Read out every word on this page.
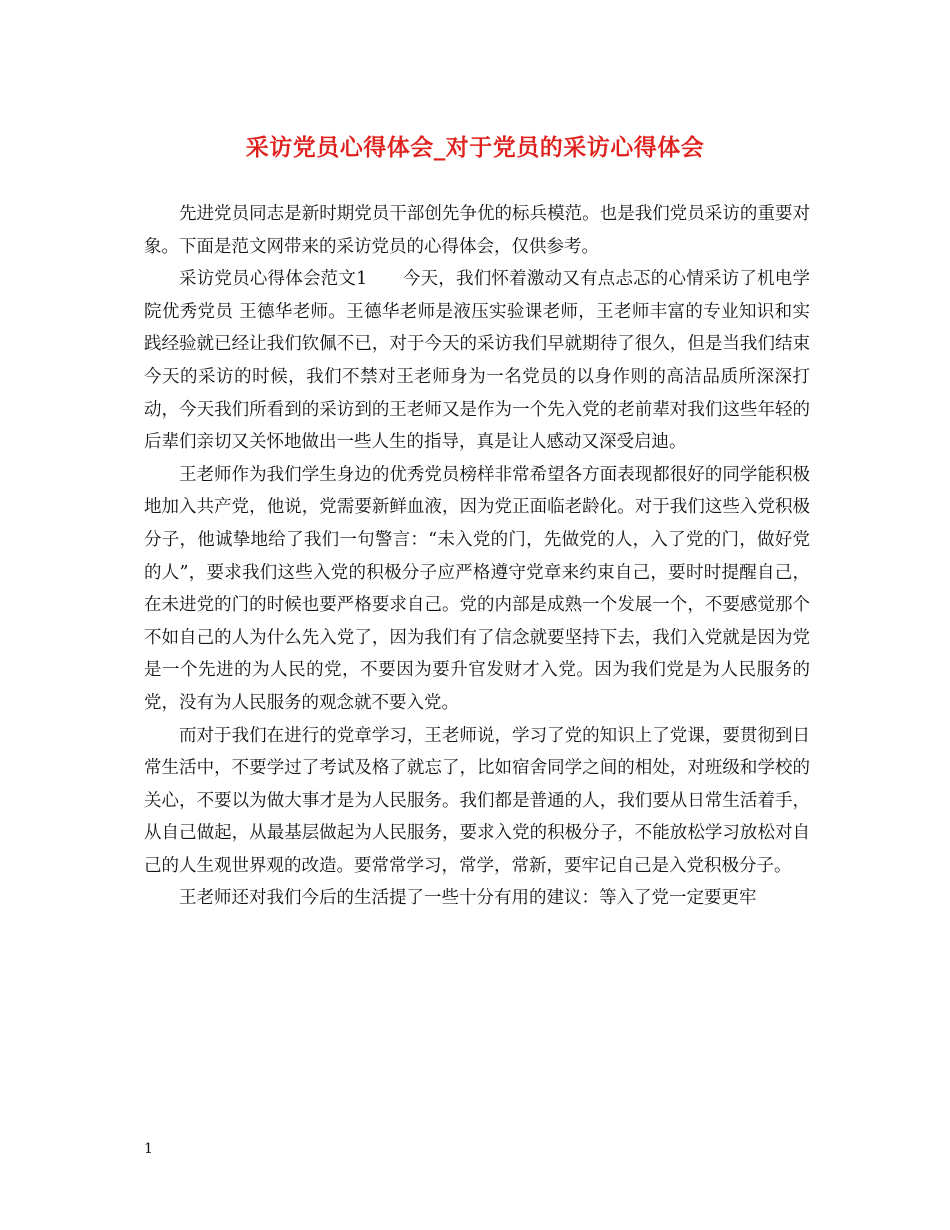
采访党员心得体会_对于党员的采访心得体会

先进党员同志是新时期党员干部创先争优的标兵模范。也是我们党员采访的重要对象。下面是范文网带来的采访党员的心得体会，仅供参考。

采访党员心得体会范文1　　今天，我们怀着激动又有点忐忑的心情采访了机电学院优秀党员 王德华老师。王德华老师是液压实验课老师，王老师丰富的专业知识和实践经验就已经让我们钦佩不已，对于今天的采访我们早就期待了很久，但是当我们结束今天的采访的时候，我们不禁对王老师身为一名党员的以身作则的高洁品质所深深打动，今天我们所看到的采访到的王老师又是作为一个先入党的老前辈对我们这些年轻的后辈们亲切又关怀地做出一些人生的指导，真是让人感动又深受启迪。

王老师作为我们学生身边的优秀党员榜样非常希望各方面表现都很好的同学能积极地加入共产党，他说，党需要新鲜血液，因为党正面临老龄化。对于我们这些入党积极分子，他诚挚地给了我们一句警言：“未入党的门，先做党的人，入了党的门，做好党的人”，要求我们这些入党的积极分子应严格遵守党章来约束自己，要时时提醒自己，在未进党的门的时候也要严格要求自己。党的内部是成熟一个发展一个，不要感觉那个不如自己的人为什么先入党了，因为我们有了信念就要坚持下去，我们入党就是因为党是一个先进的为人民的党，不要因为要升官发财才入党。因为我们党是为人民服务的党，没有为人民服务的观念就不要入党。

而对于我们在进行的党章学习，王老师说，学习了党的知识上了党课，要贯彻到日常生活中，不要学过了考试及格了就忘了，比如宿舍同学之间的相处，对班级和学校的关心，不要以为做大事才是为人民服务。我们都是普通的人，我们要从日常生活着手，从自己做起，从最基层做起为人民服务，要求入党的积极分子，不能放松学习放松对自己的人生观世界观的改造。要常常学习，常学，常新，要牢记自己是入党积极分子。

王老师还对我们今后的生活提了一些十分有用的建议：等入了党一定要更牢

1
